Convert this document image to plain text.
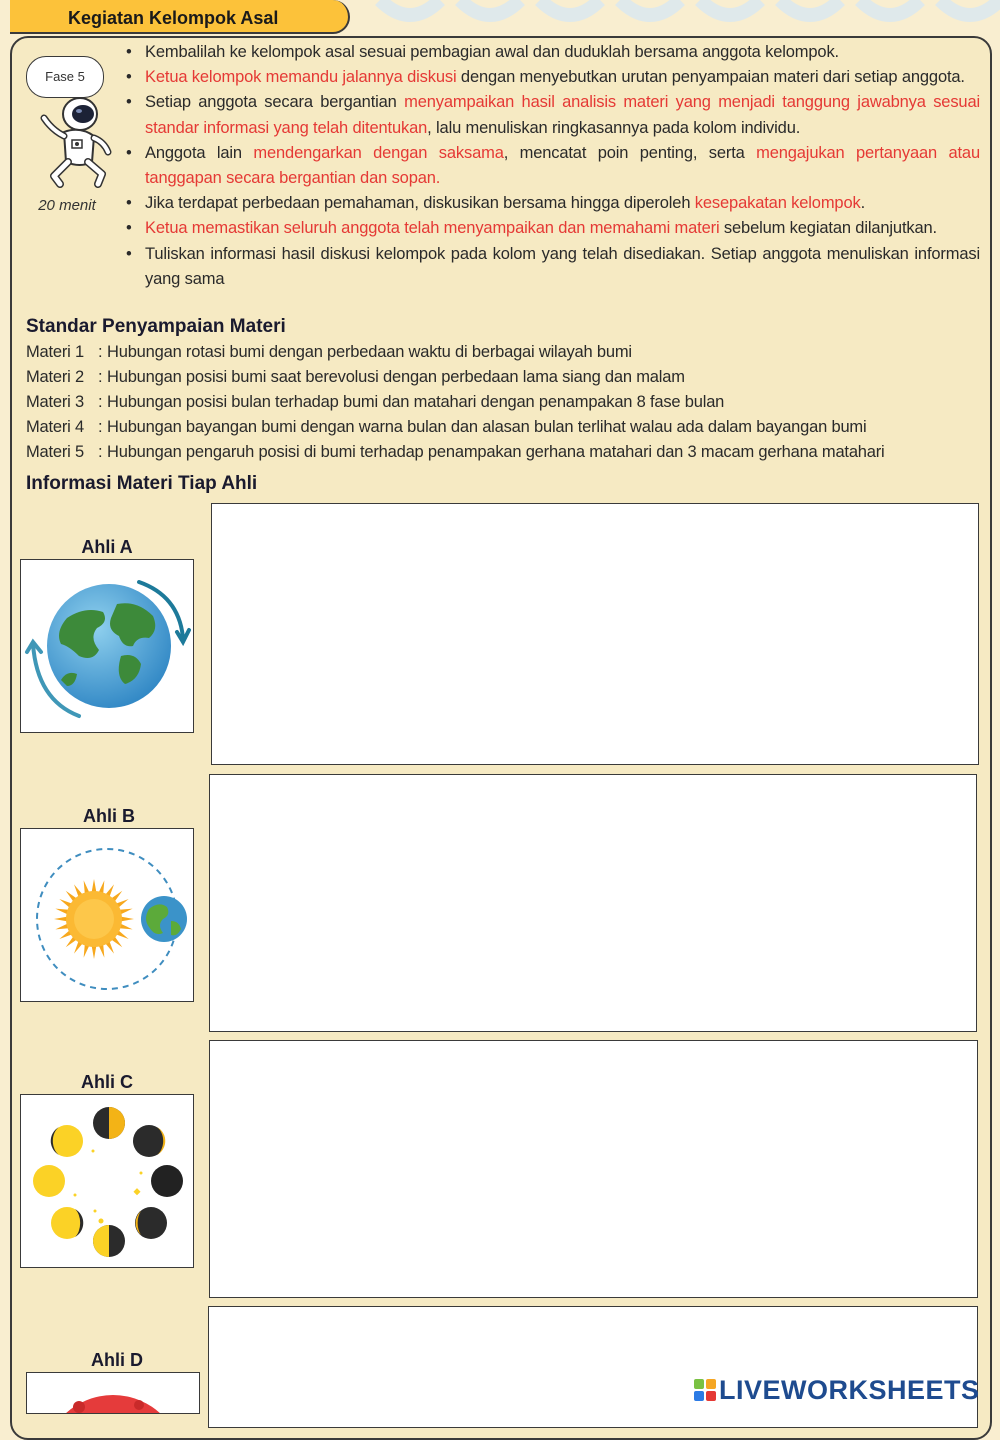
Kegiatan Kelompok Asal
Fase 5
20 menit
• Kembalilah ke kelompok asal sesuai pembagian awal dan duduklah bersama anggota kelompok.
• Ketua kelompok memandu jalannya diskusi dengan menyebutkan urutan penyampaian materi dari setiap anggota.
• Setiap anggota secara bergantian menyampaikan hasil analisis materi yang menjadi tanggung jawabnya sesuai standar informasi yang telah ditentukan, lalu menuliskan ringkasannya pada kolom individu.
• Anggota lain mendengarkan dengan saksama, mencatat poin penting, serta mengajukan pertanyaan atau tanggapan secara bergantian dan sopan.
• Jika terdapat perbedaan pemahaman, diskusikan bersama hingga diperoleh kesepakatan kelompok.
• Ketua memastikan seluruh anggota telah menyampaikan dan memahami materi sebelum kegiatan dilanjutkan.
• Tuliskan informasi hasil diskusi kelompok pada kolom yang telah disediakan. Setiap anggota menuliskan informasi yang sama
Standar Penyampaian Materi
Materi 1 : Hubungan rotasi bumi dengan perbedaan waktu di berbagai wilayah bumi
Materi 2 : Hubungan posisi bumi saat berevolusi dengan perbedaan lama siang dan malam
Materi 3 : Hubungan posisi bulan terhadap bumi dan matahari dengan penampakan 8 fase bulan
Materi 4 : Hubungan bayangan bumi dengan warna bulan dan alasan bulan terlihat walau ada dalam bayangan bumi
Materi 5 : Hubungan pengaruh posisi di bumi terhadap penampakan gerhana matahari dan 3 macam gerhana matahari
Informasi Materi Tiap Ahli
Ahli A
Ahli B
Ahli C
Ahli D
LIVEWORKSHEETS
